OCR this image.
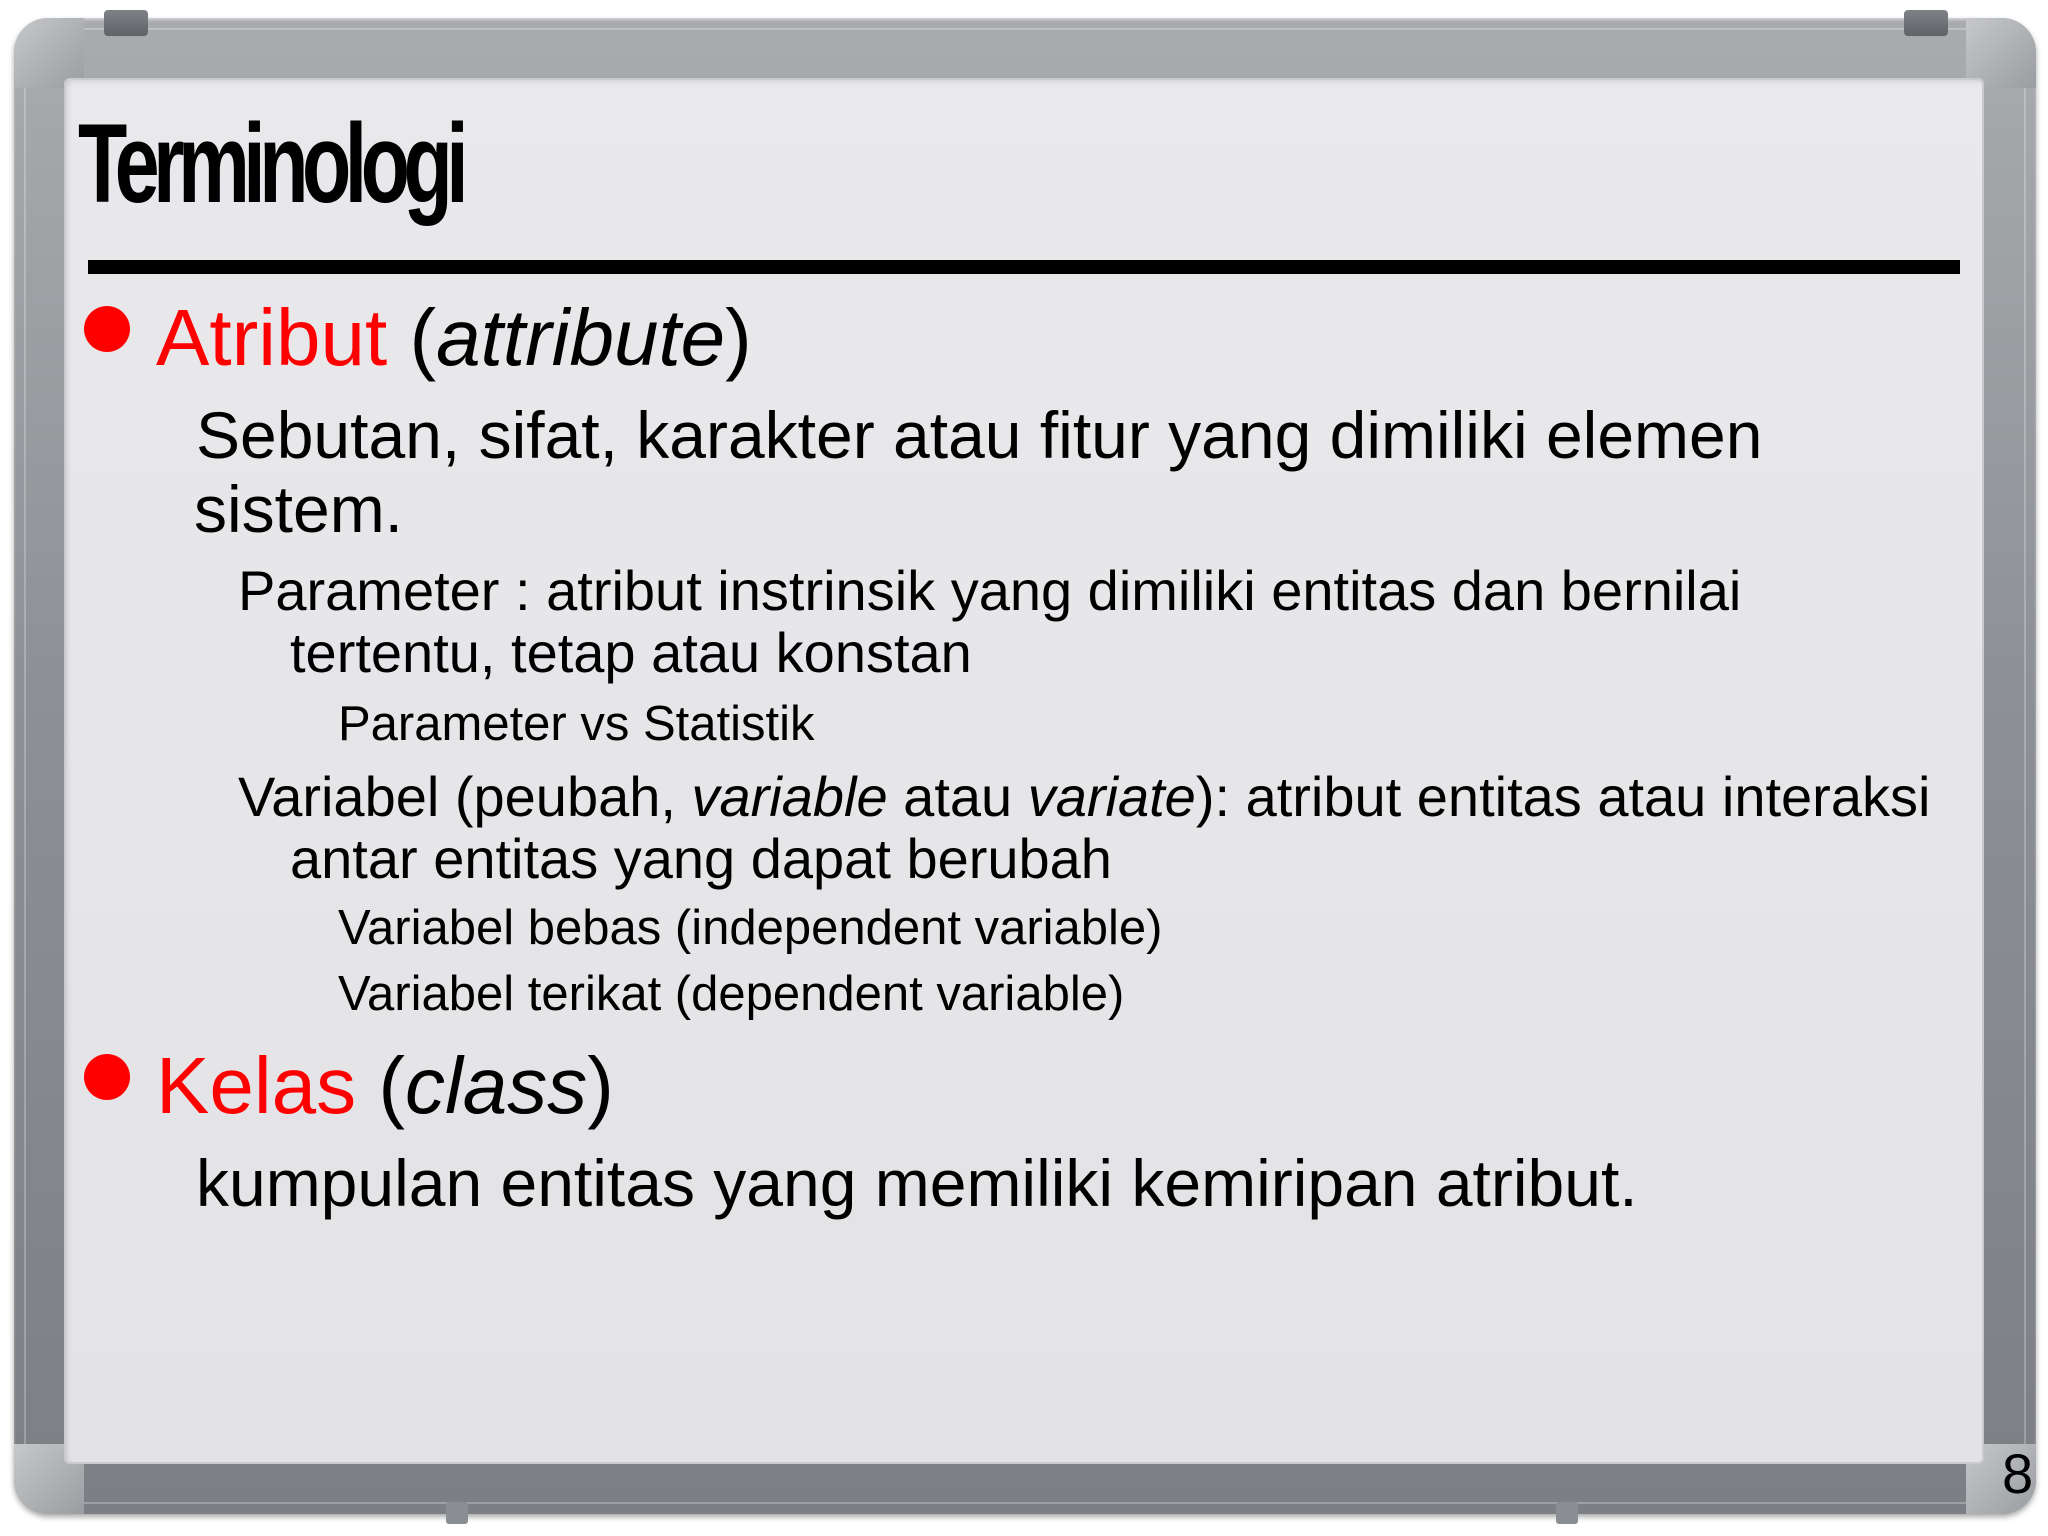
Terminologi
Atribut (attribute)
Sebutan, sifat, karakter atau fitur yang dimiliki elemen
sistem.
Parameter : atribut instrinsik yang dimiliki entitas dan bernilai
tertentu, tetap atau konstan
Parameter vs Statistik
Variabel (peubah, variable atau variate): atribut entitas atau interaksi
antar entitas yang dapat berubah
Variabel bebas (independent variable)
Variabel terikat (dependent variable)
Kelas (class)
kumpulan entitas yang memiliki kemiripan atribut.
8
